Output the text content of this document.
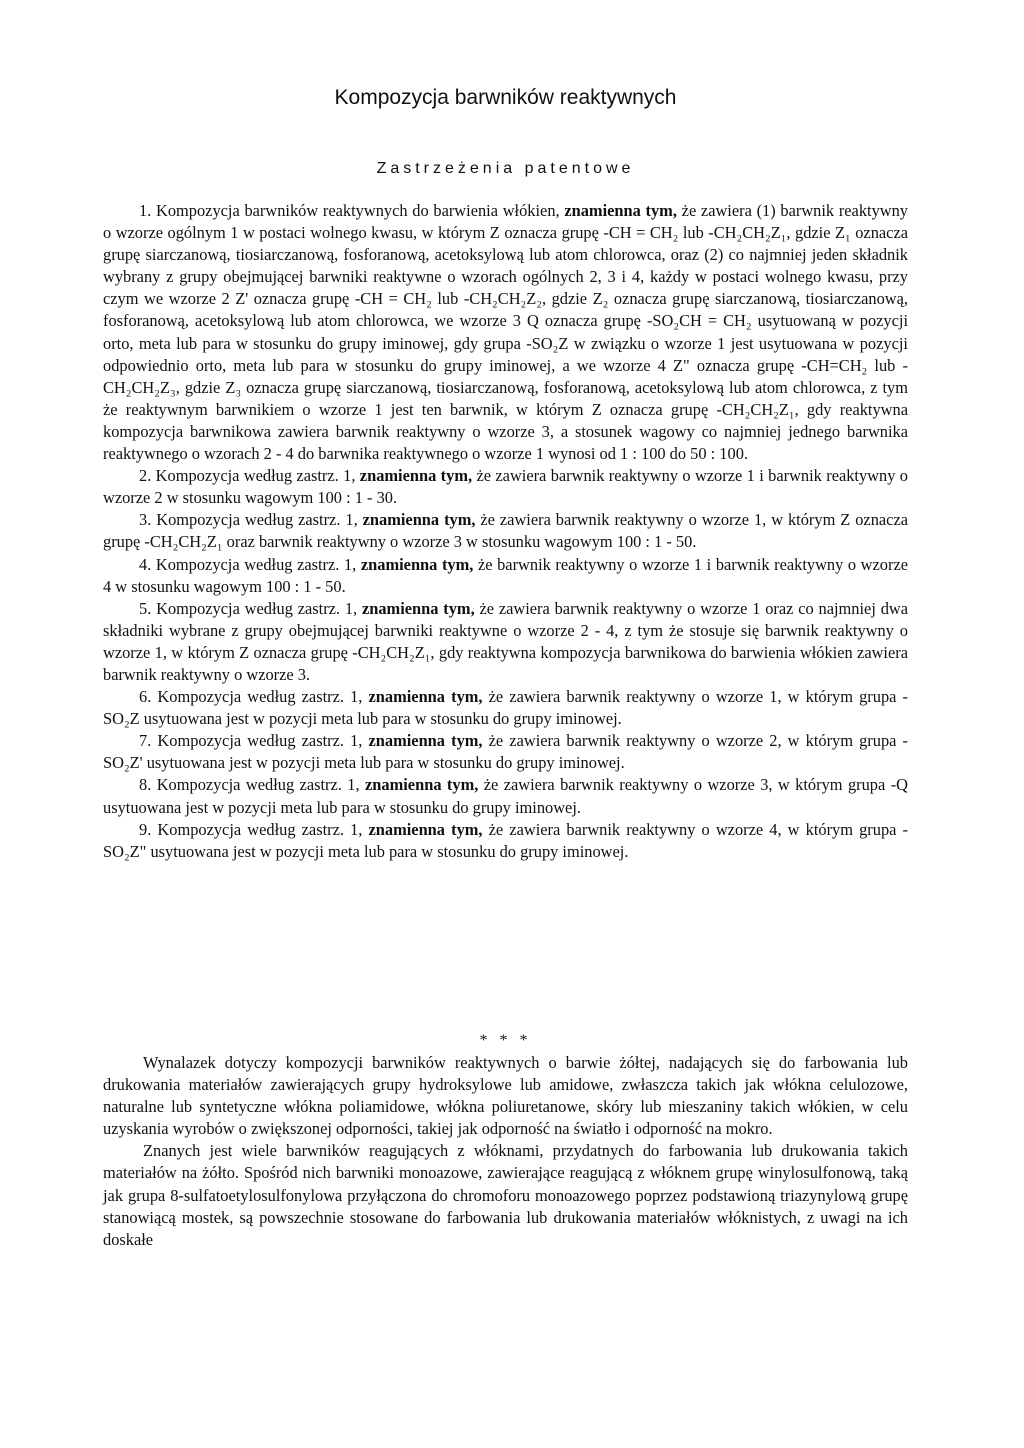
Kompozycja barwników reaktywnych
Zastrzeżenia patentowe

1. Kompozycja barwników reaktywnych do barwienia włókien, znamienna tym, że zawiera (1) barwnik reaktywny o wzorze ogólnym 1 w postaci wolnego kwasu, w którym Z oznacza grupę -CH = CH₂ lub -CH₂CH₂Z₁, gdzie Z₁ oznacza grupę siarczanową, tiosiarczanową, fosforanową, acetoksylową lub atom chlorowca, oraz (2) co najmniej jeden składnik wybrany z grupy obejmującej barwniki reaktywne o wzorach ogólnych 2, 3 i 4, każdy w postaci wolnego kwasu, przy czym we wzorze 2 Z' oznacza grupę -CH = CH₂ lub -CH₂CH₂Z₂, gdzie Z₂ oznacza grupę siarczanową, tiosiarczanową, fosforanową, acetoksylową lub atom chlorowca, we wzorze 3 Q oznacza grupę -SO₂CH = CH₂ usytuowaną w pozycji orto, meta lub para w stosunku do grupy iminowej, gdy grupa -SO₂Z w związku o wzorze 1 jest usytuowana w pozycji odpowiednio orto, meta lub para w stosunku do grupy iminowej, a we wzorze 4 Z" oznacza grupę -CH=CH₂ lub -CH₂CH₂Z₃, gdzie Z₃ oznacza grupę siarczanową, tiosiarczanową, fosforanową, acetoksylową lub atom chlorowca, z tym że reaktywnym barwnikiem o wzorze 1 jest ten barwnik, w którym Z oznacza grupę -CH₂CH₂Z₁, gdy reaktywna kompozycja barwnikowa zawiera barwnik reaktywny o wzorze 3, a stosunek wagowy co najmniej jednego barwnika reaktywnego o wzorach 2 - 4 do barwnika reaktywnego o wzorze 1 wynosi od 1 : 100 do 50 : 100.

2. Kompozycja według zastrz. 1, znamienna tym, że zawiera barwnik reaktywny o wzorze 1 i barwnik reaktywny o wzorze 2 w stosunku wagowym 100 : 1 - 30.

3. Kompozycja według zastrz. 1, znamienna tym, że zawiera barwnik reaktywny o wzorze 1, w którym Z oznacza grupę -CH₂CH₂Z₁ oraz barwnik reaktywny o wzorze 3 w stosunku wagowym 100 : 1 - 50.

4. Kompozycja według zastrz. 1, znamienna tym, że barwnik reaktywny o wzorze 1 i barwnik reaktywny o wzorze 4 w stosunku wagowym 100 : 1 - 50.

5. Kompozycja według zastrz. 1, znamienna tym, że zawiera barwnik reaktywny o wzorze 1 oraz co najmniej dwa składniki wybrane z grupy obejmującej barwniki reaktywne o wzorze 2 - 4, z tym że stosuje się barwnik reaktywny o wzorze 1, w którym Z oznacza grupę -CH₂CH₂Z₁, gdy reaktywna kompozycja barwnikowa do barwienia włókien zawiera barwnik reaktywny o wzorze 3.

6. Kompozycja według zastrz. 1, znamienna tym, że zawiera barwnik reaktywny o wzorze 1, w którym grupa -SO₂Z usytuowana jest w pozycji meta lub para w stosunku do grupy iminowej.

7. Kompozycja według zastrz. 1, znamienna tym, że zawiera barwnik reaktywny o wzorze 2, w którym grupa -SO₂Z' usytuowana jest w pozycji meta lub para w stosunku do grupy iminowej.

8. Kompozycja według zastrz. 1, znamienna tym, że zawiera barwnik reaktywny o wzorze 3, w którym grupa -Q usytuowana jest w pozycji meta lub para w stosunku do grupy iminowej.

9. Kompozycja według zastrz. 1, znamienna tym, że zawiera barwnik reaktywny o wzorze 4, w którym grupa -SO₂Z" usytuowana jest w pozycji meta lub para w stosunku do grupy iminowej.

* * *

Wynalazek dotyczy kompozycji barwników reaktywnych o barwie żółtej, nadających się do farbowania lub drukowania materiałów zawierających grupy hydroksylowe lub amidowe, zwłaszcza takich jak włókna celulozowe, naturalne lub syntetyczne włókna poliamidowe, włókna poliuretanowe, skóry lub mieszaniny takich włókien, w celu uzyskania wyrobów o zwiększonej odporności, takiej jak odporność na światło i odporność na mokro.

Znanych jest wiele barwników reagujących z włóknami, przydatnych do farbowania lub drukowania takich materiałów na żółto. Spośród nich barwniki monoazowe, zawierające reagującą z włóknem grupę winylosulfonową, taką jak grupa 8-sulfatoetylosulfonylowa przyłączona do chromoforu monoazowego poprzez podstawioną triazynylową grupę stanowiącą mostek, są powszechnie stosowane do farbowania lub drukowania materiałów włóknistych, z uwagi na ich doskałe
